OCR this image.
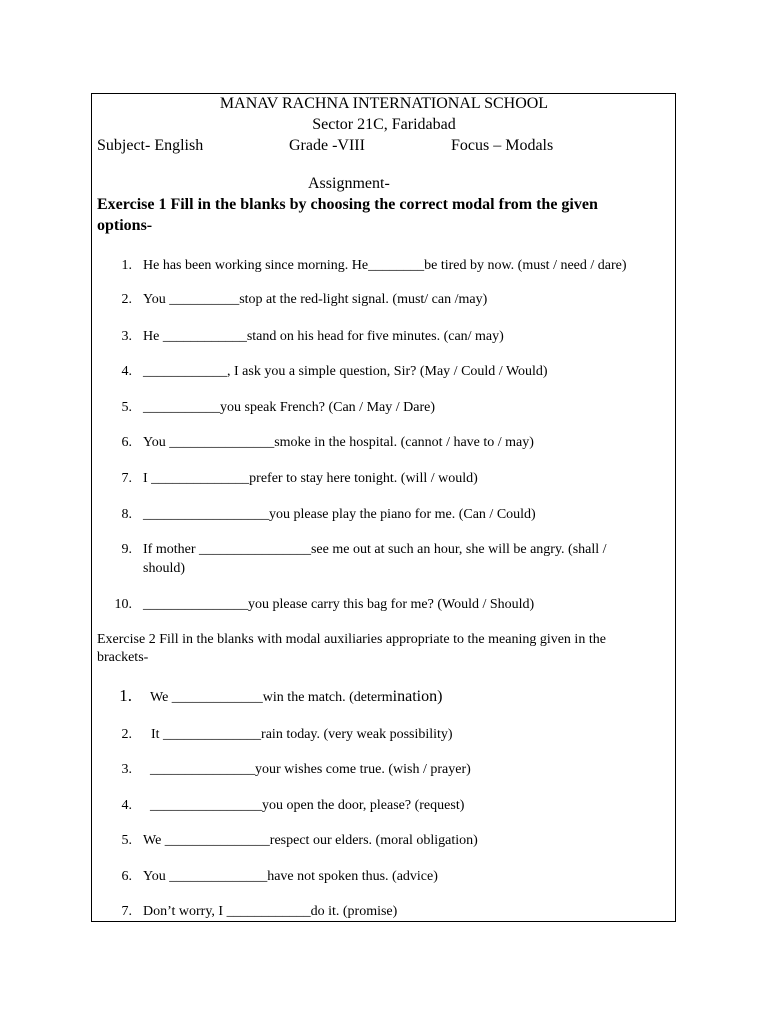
MANAV RACHNA INTERNATIONAL SCHOOL
Sector 21C, Faridabad
Subject- English	Grade -VIII	Focus – Modals
Assignment-
Exercise 1 Fill in the blanks by choosing the correct modal from the given
options-
1. He has been working since morning. He________be tired by now. (must / need / dare)
2. You __________stop at the red-light signal. (must/ can /may)
3. He ____________stand on his head for five minutes. (can/ may)
4. ____________, I ask you a simple question, Sir? (May / Could / Would)
5. ___________you speak French? (Can / May / Dare)
6. You _______________smoke in the hospital. (cannot / have to / may)
7. I ______________prefer to stay here tonight. (will / would)
8. __________________you please play the piano for me. (Can / Could)
9. If mother ________________see me out at such an hour, she will be angry. (shall /
should)
10. _______________you please carry this bag for me? (Would / Should)
Exercise 2 Fill in the blanks with modal auxiliaries appropriate to the meaning given in the
brackets-
1. We _____________win the match. (determination)
2. It ______________rain today. (very weak possibility)
3. _______________your wishes come true. (wish / prayer)
4. ________________you open the door, please? (request)
5. We _______________respect our elders. (moral obligation)
6. You ______________have not spoken thus. (advice)
7. Don’t worry, I ____________do it. (promise)
